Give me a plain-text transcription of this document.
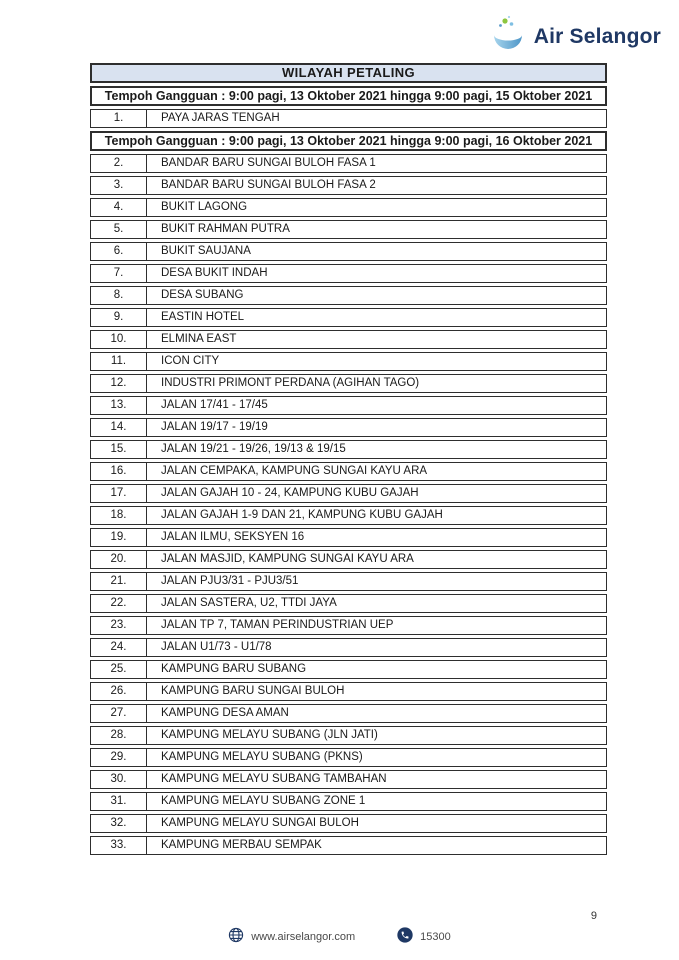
Air Selangor
WILAYAH PETALING
Tempoh Gangguan : 9:00 pagi, 13 Oktober 2021 hingga 9:00 pagi, 15 Oktober 2021
1.	PAYA JARAS TENGAH
Tempoh Gangguan : 9:00 pagi, 13 Oktober 2021 hingga 9:00 pagi, 16 Oktober 2021
2.	BANDAR BARU SUNGAI BULOH FASA 1
3.	BANDAR BARU SUNGAI BULOH FASA 2
4.	BUKIT LAGONG
5.	BUKIT RAHMAN PUTRA
6.	BUKIT SAUJANA
7.	DESA BUKIT INDAH
8.	DESA SUBANG
9.	EASTIN HOTEL
10.	ELMINA EAST
11.	ICON CITY
12.	INDUSTRI PRIMONT PERDANA (AGIHAN TAGO)
13.	JALAN 17/41 - 17/45
14.	JALAN 19/17 - 19/19
15.	JALAN 19/21 - 19/26, 19/13 & 19/15
16.	JALAN CEMPAKA, KAMPUNG SUNGAI KAYU ARA
17.	JALAN GAJAH 10 - 24, KAMPUNG KUBU GAJAH
18.	JALAN GAJAH 1-9 DAN 21, KAMPUNG KUBU GAJAH
19.	JALAN ILMU, SEKSYEN 16
20.	JALAN MASJID, KAMPUNG SUNGAI KAYU ARA
21.	JALAN PJU3/31 - PJU3/51
22.	JALAN SASTERA, U2, TTDI JAYA
23.	JALAN TP 7, TAMAN PERINDUSTRIAN UEP
24.	JALAN U1/73 - U1/78
25.	KAMPUNG BARU SUBANG
26.	KAMPUNG BARU SUNGAI BULOH
27.	KAMPUNG DESA AMAN
28.	KAMPUNG MELAYU SUBANG (JLN JATI)
29.	KAMPUNG MELAYU SUBANG (PKNS)
30.	KAMPUNG MELAYU SUBANG TAMBAHAN
31.	KAMPUNG MELAYU SUBANG ZONE 1
32.	KAMPUNG MELAYU SUNGAI BULOH
33.	KAMPUNG MERBAU SEMPAK
9
www.airselangor.com	15300
